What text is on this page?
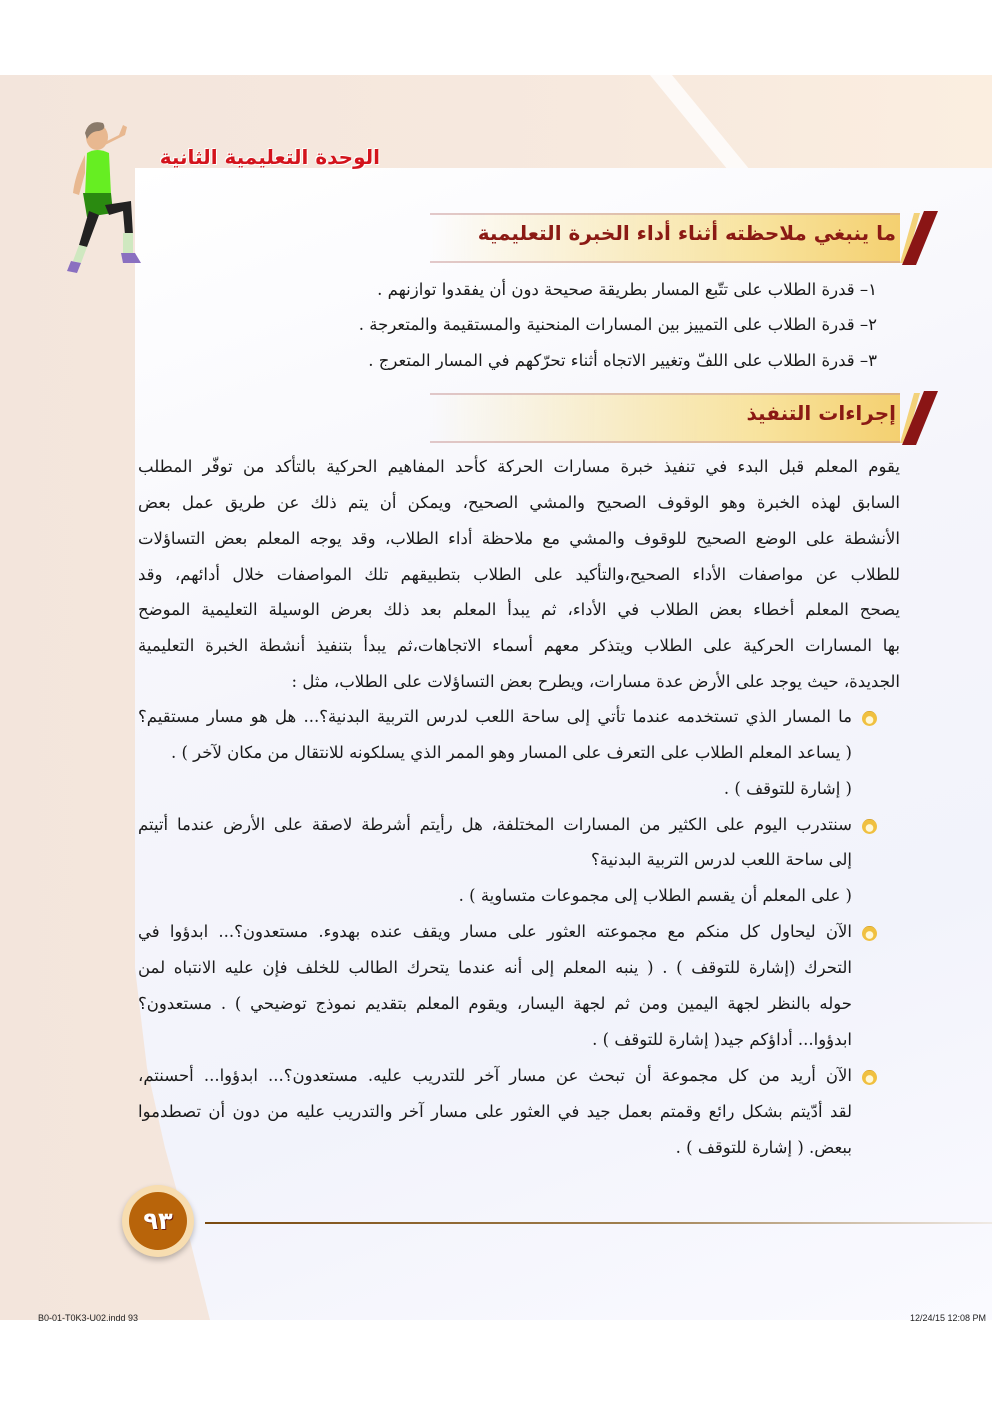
الوحدة التعليمية الثانية
ما ينبغي ملاحظته أثناء أداء الخبرة التعليمية
١– قدرة الطلاب على تتّبع المسار بطريقة صحيحة دون أن يفقدوا توازنهم .
٢– قدرة الطلاب على التمييز بين المسارات المنحنية والمستقيمة والمتعرجة .
٣– قدرة الطلاب على اللفّ وتغيير الاتجاه أثناء تحرّكهم في المسار المتعرج .
إجراءات التنفيذ
يقوم المعلم قبل البدء في تنفيذ خبرة مسارات الحركة كأحد المفاهيم الحركية بالتأكد من توفّر المطلب
السابق لهذه الخبرة وهو الوقوف الصحيح والمشي الصحيح، ويمكن أن يتم ذلك عن طريق عمل بعض
الأنشطة على الوضع الصحيح للوقوف والمشي مع ملاحظة أداء الطلاب، وقد يوجه المعلم بعض التساؤلات
للطلاب عن مواصفات الأداء الصحيح،والتأكيد على الطلاب بتطبيقهم تلك المواصفات خلال أدائهم، وقد
يصحح المعلم أخطاء بعض الطلاب في الأداء، ثم يبدأ المعلم بعد ذلك بعرض الوسيلة التعليمية الموضح
بها المسارات الحركية على الطلاب ويتذكر معهم أسماء الاتجاهات،ثم يبدأ بتنفيذ أنشطة الخبرة التعليمية
الجديدة، حيث يوجد على الأرض عدة مسارات، ويطرح بعض التساؤلات على الطلاب، مثل :
ما المسار الذي تستخدمه عندما تأتي إلى ساحة اللعب لدرس التربية البدنية؟... هل هو مسار مستقيم؟
( يساعد المعلم الطلاب على التعرف على المسار وهو الممر الذي يسلكونه للانتقال من مكان لآخر ) .
( إشارة للتوقف ) .
سنتدرب اليوم على الكثير من المسارات المختلفة، هل رأيتم أشرطة لاصقة على الأرض عندما أتيتم
إلى ساحة اللعب لدرس التربية البدنية؟
( على المعلم أن يقسم الطلاب إلى مجموعات متساوية ) .
الآن ليحاول كل منكم مع مجموعته العثور على مسار ويقف عنده بهدوء. مستعدون؟... ابدؤوا في
التحرك (إشارة للتوقف ) . ( ينبه المعلم إلى أنه عندما يتحرك الطالب للخلف فإن عليه الانتباه لمن
حوله بالنظر لجهة اليمين ومن ثم لجهة اليسار، ويقوم المعلم بتقديم نموذج توضيحي ) . مستعدون؟
ابدؤوا... أداؤكم جيد( إشارة للتوقف ) .
الآن أريد من كل مجموعة أن تبحث عن مسار آخر للتدريب عليه. مستعدون؟... ابدؤوا... أحسنتم،
لقد أدّيتم بشكل رائع وقمتم بعمل جيد في العثور على مسار آخر والتدريب عليه من دون أن تصطدموا
ببعض. ( إشارة للتوقف ) .
٩٣
B0-01-T0K3-U02.indd 93	12/24/15 12:08 PM
